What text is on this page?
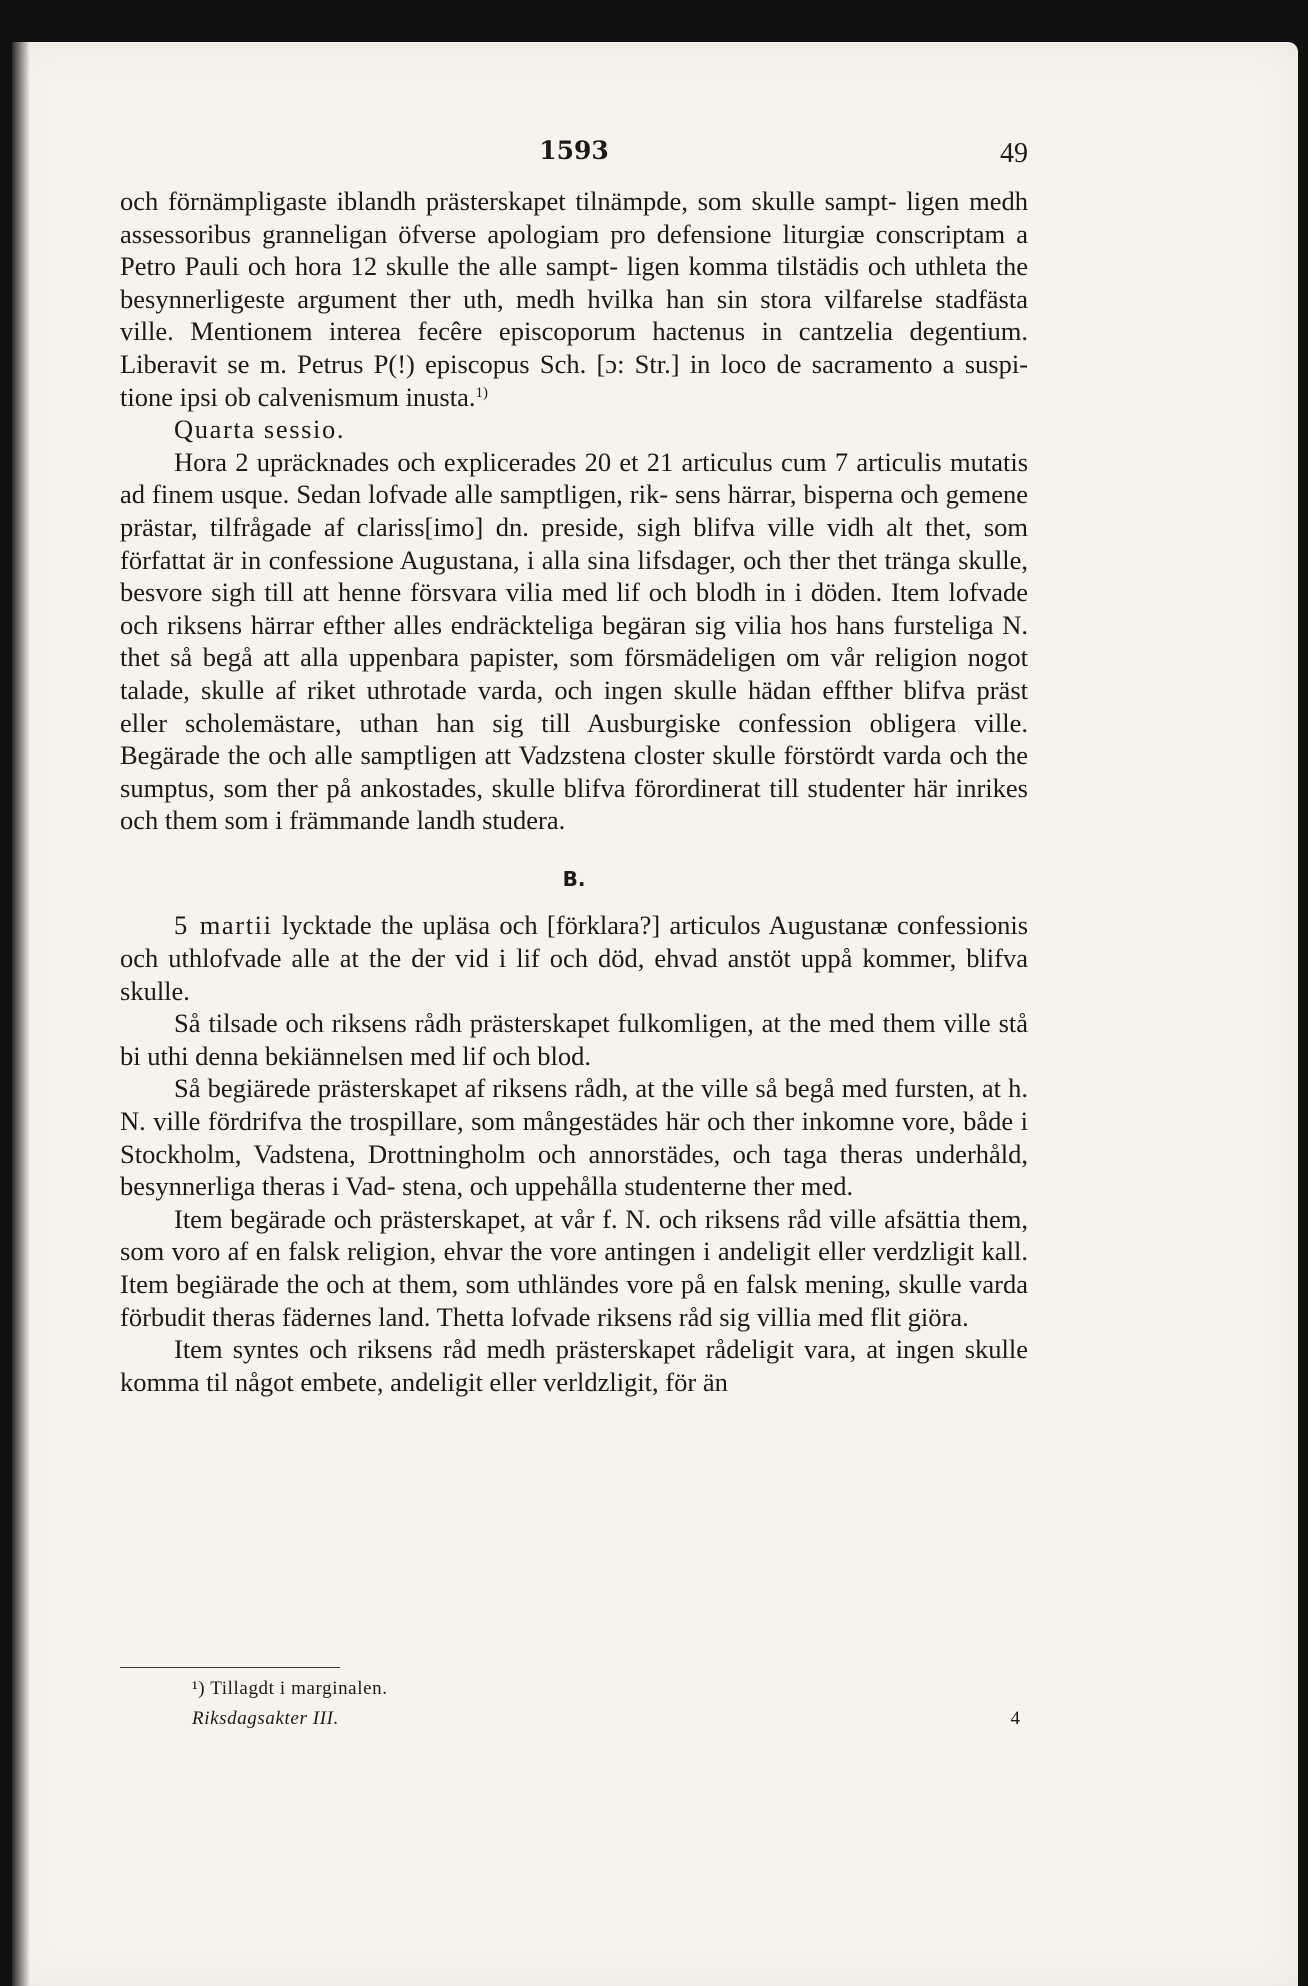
1593	49

och förnämpligaste iblandh prästerskapet tilnämpde, som skulle sampt- ligen medh assessoribus granneligan öfverse apologiam pro defensione liturgiæ conscriptam a Petro Pauli och hora 12 skulle the alle sampt- ligen komma tilstädis och uthleta the besynnerligeste argument ther uth, medh hvilka han sin stora vilfarelse stadfästa ville. Mentionem interea fecêre episcoporum hactenus in cantzelia degentium. Liberavit se m. Petrus P(!) episcopus Sch. [ɔ: Str.] in loco de sacramento a suspi- tione ipsi ob calvenismum inusta.$^{1)}$

Quarta sessio.

Hora 2 upräcknades och explicerades 20 et 21 articulus cum 7 articulis mutatis ad finem usque. Sedan lofvade alle samptligen, rik- sens härrar, bisperna och gemene prästar, tilfrågade af clariss[imo] dn. preside, sigh blifva ville vidh alt thet, som författat är in confessione Augustana, i alla sina lifsdager, och ther thet tränga skulle, besvore sigh till att henne försvara vilia med lif och blodh in i döden. Item lofvade och riksens härrar efther alles endräckteliga begäran sig vilia hos hans fursteliga N. thet så begå att alla uppenbara papister, som försmädeligen om vår religion nogot talade, skulle af riket uthrotade varda, och ingen skulle hädan effther blifva präst eller scholemästare, uthan han sig till Ausburgiske confession obligera ville. Begärade the och alle samptligen att Vadzstena closter skulle förstördt varda och the sumptus, som ther på ankostades, skulle blifva förordinerat till studenter här inrikes och them som i främmande landh studera.

B.

5 martii lycktade the upläsa och [förklara?] articulos Augustanæ confessionis och uthlofvade alle at the der vid i lif och död, ehvad anstöt uppå kommer, blifva skulle.

Så tilsade och riksens rådh prästerskapet fulkomligen, at the med them ville stå bi uthi denna bekiännelsen med lif och blod.

Så begiärede prästerskapet af riksens rådh, at the ville så begå med fursten, at h. N. ville fördrifva the trospillare, som mångestädes här och ther inkomne vore, både i Stockholm, Vadstena, Drottningholm och annorstädes, och taga theras underhåld, besynnerliga theras i Vad- stena, och uppehålla studenterne ther med.

Item begärade och prästerskapet, at vår f. N. och riksens råd ville afsättia them, som voro af en falsk religion, ehvar the vore antingen i andeligit eller verdzligit kall. Item begiärade the och at them, som uthländes vore på en falsk mening, skulle varda förbudit theras fädernes land. Thetta lofvade riksens råd sig villia med flit giöra.

Item syntes och riksens råd medh prästerskapet rådeligit vara, at ingen skulle komma til något embete, andeligit eller verldzligit, för än

¹) Tillagdt i marginalen.
Riksdagsakter III.	4
